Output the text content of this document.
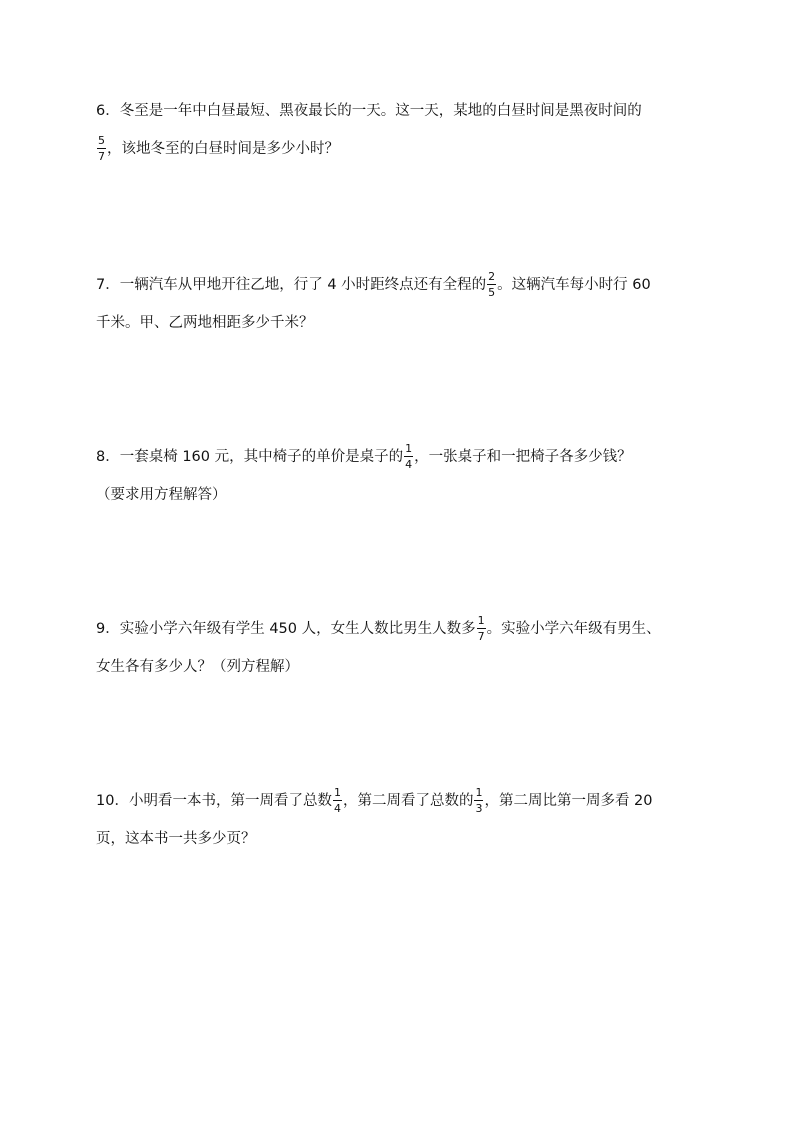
6．冬至是一年中白昼最短、黑夜最长的一天。这一天，某地的白昼时间是黑夜时间的
$\frac{5}{7}$ ，该地冬至的白昼时间是多少小时？
7．一辆汽车从甲地开往乙地，行了 4 小时距终点还有全程的 $\frac{2}{5}$ 。这辆汽车每小时行 60
千米。甲、乙两地相距多少千米？
8．一套桌椅 160 元，其中椅子的单价是桌子的 $\frac{1}{4}$ ，一张桌子和一把椅子各多少钱？
（要求用方程解答）
9．实验小学六年级有学生 450 人，女生人数比男生人数多 $\frac{1}{7}$ 。实验小学六年级有男生、
女生各有多少人？（列方程解）
10．小明看一本书，第一周看了总数 $\frac{1}{4}$ ，第二周看了总数的 $\frac{1}{3}$ ，第二周比第一周多看 20
页，这本书一共多少页？
